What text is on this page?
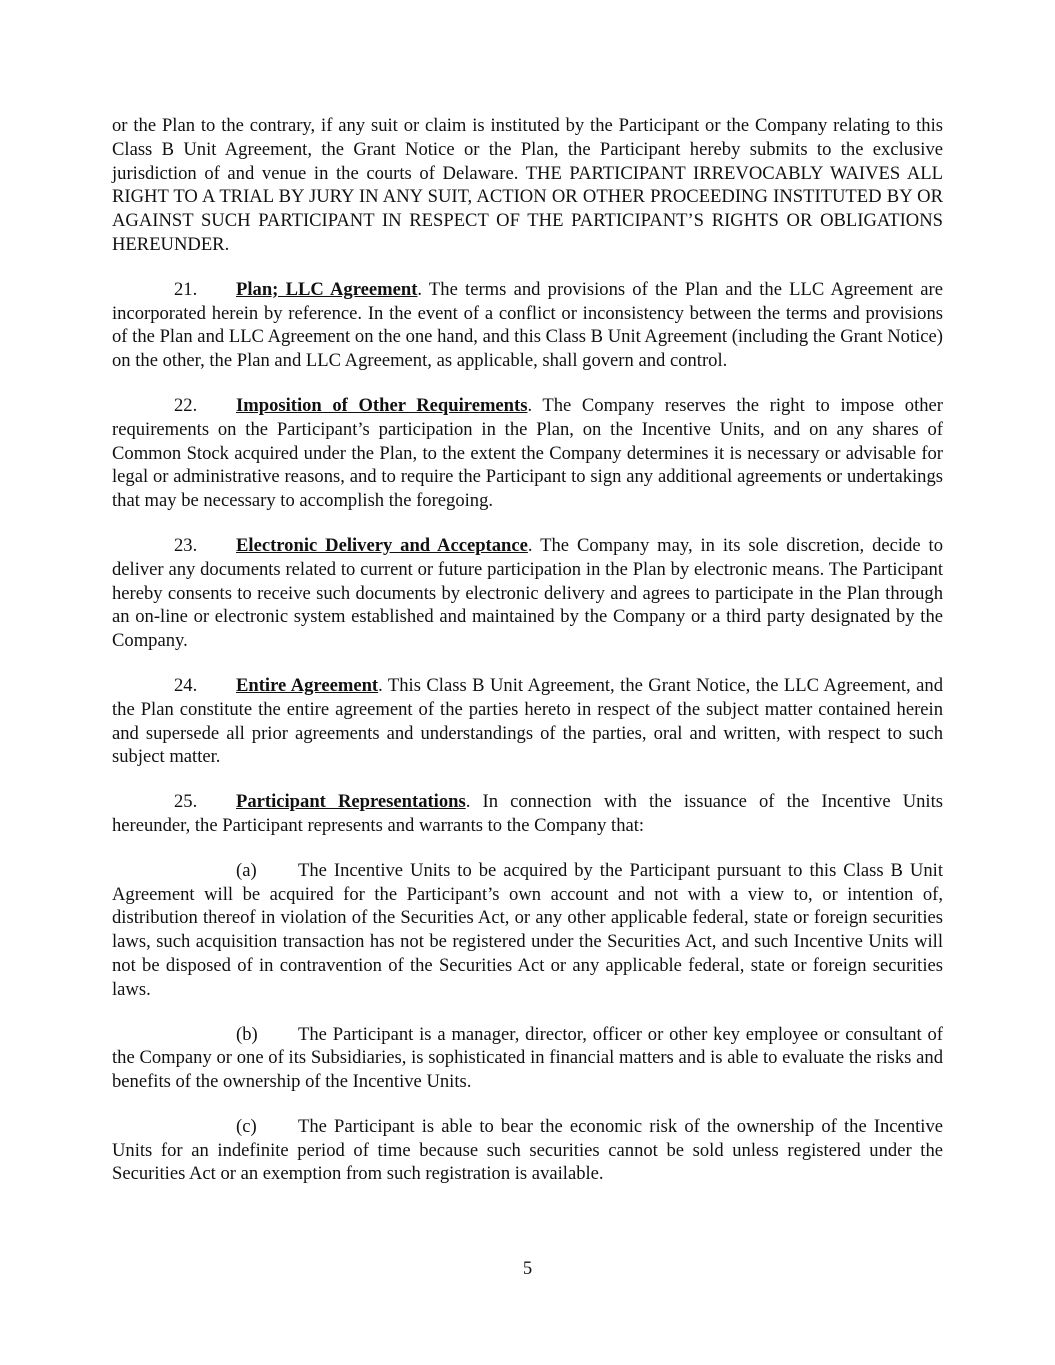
or the Plan to the contrary, if any suit or claim is instituted by the Participant or the Company relating to this Class B Unit Agreement, the Grant Notice or the Plan, the Participant hereby submits to the exclusive jurisdiction of and venue in the courts of Delaware. THE PARTICIPANT IRREVOCABLY WAIVES ALL RIGHT TO A TRIAL BY JURY IN ANY SUIT, ACTION OR OTHER PROCEEDING INSTITUTED BY OR AGAINST SUCH PARTICIPANT IN RESPECT OF THE PARTICIPANT’S RIGHTS OR OBLIGATIONS HEREUNDER.

21. Plan; LLC Agreement. The terms and provisions of the Plan and the LLC Agreement are incorporated herein by reference. In the event of a conflict or inconsistency between the terms and provisions of the Plan and LLC Agreement on the one hand, and this Class B Unit Agreement (including the Grant Notice) on the other, the Plan and LLC Agreement, as applicable, shall govern and control.

22. Imposition of Other Requirements. The Company reserves the right to impose other requirements on the Participant’s participation in the Plan, on the Incentive Units, and on any shares of Common Stock acquired under the Plan, to the extent the Company determines it is necessary or advisable for legal or administrative reasons, and to require the Participant to sign any additional agreements or undertakings that may be necessary to accomplish the foregoing.

23. Electronic Delivery and Acceptance. The Company may, in its sole discretion, decide to deliver any documents related to current or future participation in the Plan by electronic means. The Participant hereby consents to receive such documents by electronic delivery and agrees to participate in the Plan through an on-line or electronic system established and maintained by the Company or a third party designated by the Company.

24. Entire Agreement. This Class B Unit Agreement, the Grant Notice, the LLC Agreement, and the Plan constitute the entire agreement of the parties hereto in respect of the subject matter contained herein and supersede all prior agreements and understandings of the parties, oral and written, with respect to such subject matter.

25. Participant Representations. In connection with the issuance of the Incentive Units hereunder, the Participant represents and warrants to the Company that:

(a) The Incentive Units to be acquired by the Participant pursuant to this Class B Unit Agreement will be acquired for the Participant’s own account and not with a view to, or intention of, distribution thereof in violation of the Securities Act, or any other applicable federal, state or foreign securities laws, such acquisition transaction has not be registered under the Securities Act, and such Incentive Units will not be disposed of in contravention of the Securities Act or any applicable federal, state or foreign securities laws.

(b) The Participant is a manager, director, officer or other key employee or consultant of the Company or one of its Subsidiaries, is sophisticated in financial matters and is able to evaluate the risks and benefits of the ownership of the Incentive Units.

(c) The Participant is able to bear the economic risk of the ownership of the Incentive Units for an indefinite period of time because such securities cannot be sold unless registered under the Securities Act or an exemption from such registration is available.

5
